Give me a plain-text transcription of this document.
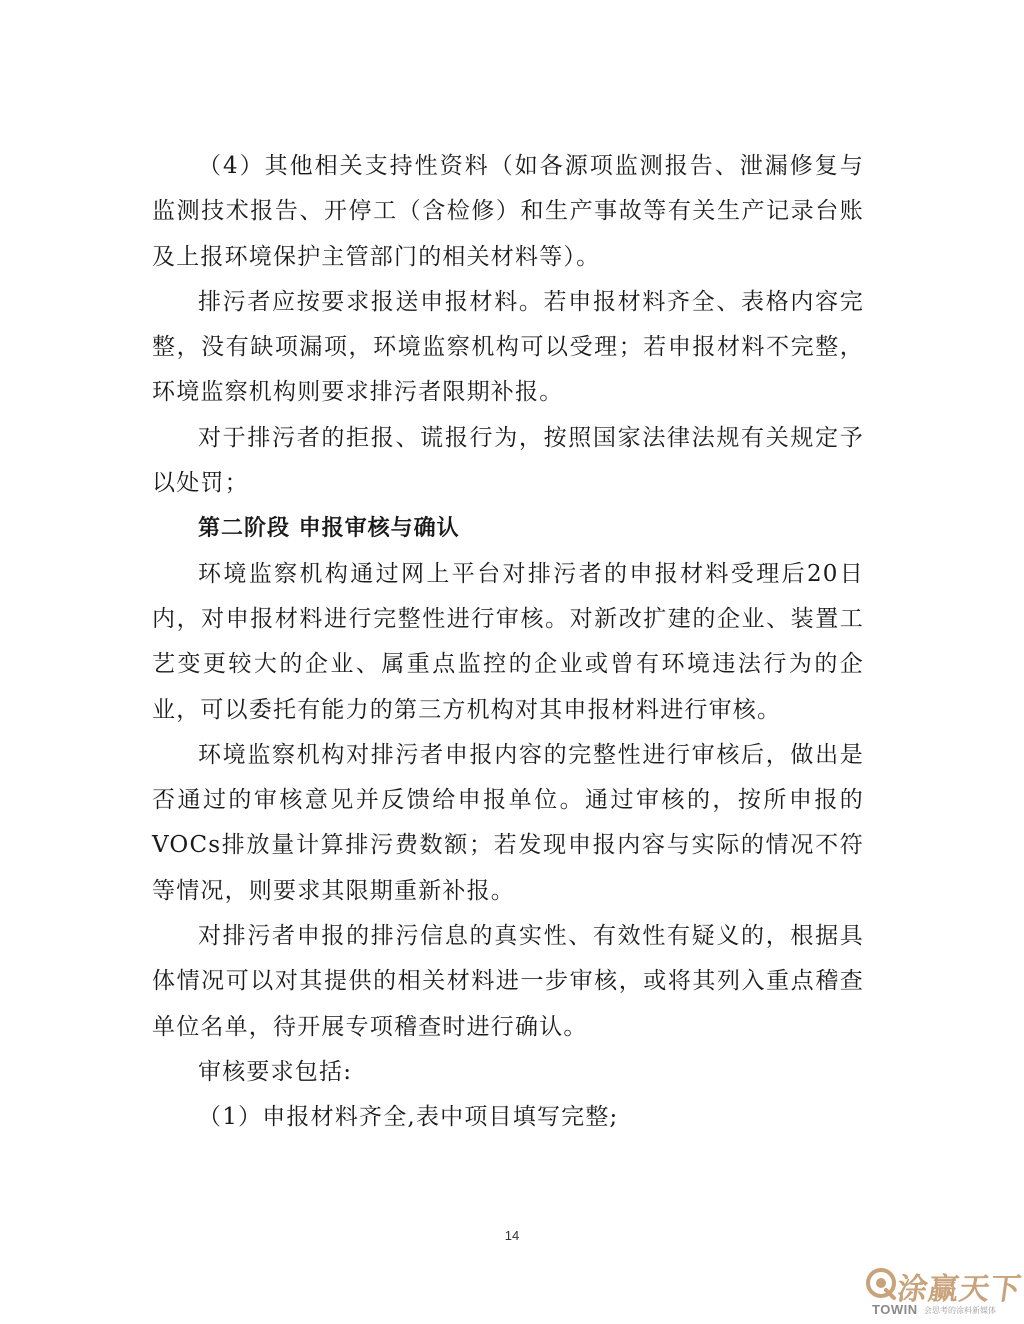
（4）其他相关支持性资料（如各源项监测报告、泄漏修复与监测技术报告、开停工（含检修）和生产事故等有关生产记录台账及上报环境保护主管部门的相关材料等）。

排污者应按要求报送申报材料。若申报材料齐全、表格内容完整，没有缺项漏项，环境监察机构可以受理；若申报材料不完整，环境监察机构则要求排污者限期补报。

对于排污者的拒报、谎报行为，按照国家法律法规有关规定予以处罚；

第二阶段 申报审核与确认

环境监察机构通过网上平台对排污者的申报材料受理后20日内，对申报材料进行完整性进行审核。对新改扩建的企业、装置工艺变更较大的企业、属重点监控的企业或曾有环境违法行为的企业，可以委托有能力的第三方机构对其申报材料进行审核。

环境监察机构对排污者申报内容的完整性进行审核后，做出是否通过的审核意见并反馈给申报单位。通过审核的，按所申报的VOCs排放量计算排污费数额；若发现申报内容与实际的情况不符等情况，则要求其限期重新补报。

对排污者申报的排污信息的真实性、有效性有疑义的，根据具体情况可以对其提供的相关材料进一步审核，或将其列入重点稽查单位名单，待开展专项稽查时进行确认。

审核要求包括:

（1）申报材料齐全,表中项目填写完整;

14
涂赢天下
TOWIN 会思考的涂料新媒体
